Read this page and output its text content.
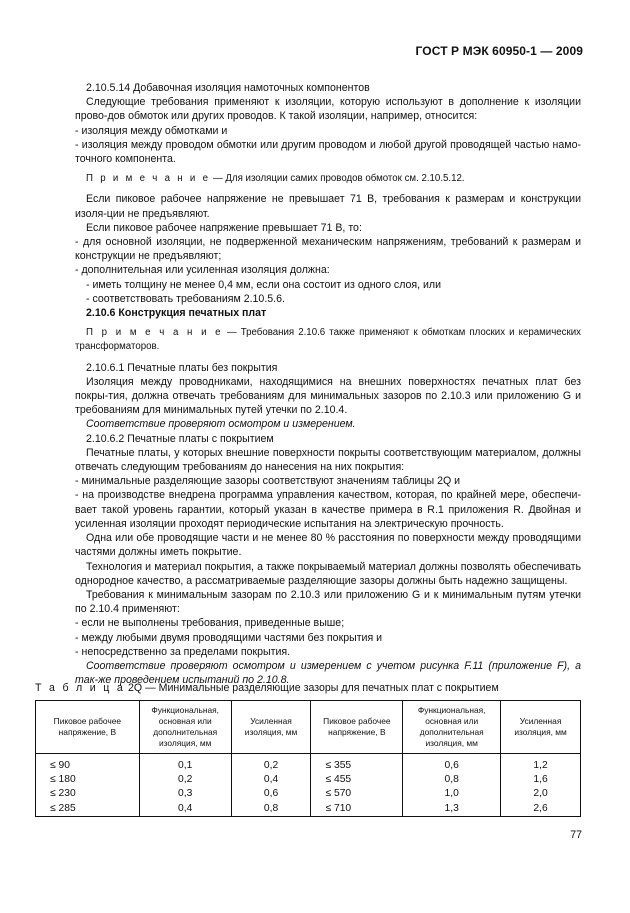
ГОСТ Р МЭК 60950-1 — 2009

2.10.5.14 Добавочная изоляция намоточных компонентов

Следующие требования применяют к изоляции, которую используют в дополнение к изоляции прово-дов обмоток или других проводов. К такой изоляции, например, относится:

- изоляция между обмотками и

- изоляция между проводом обмотки или другим проводом и любой другой проводящей частью намо-точного компонента.

П р и м е ч а н и е — Для изоляции самих проводов обмоток см. 2.10.5.12.

Если пиковое рабочее напряжение не превышает 71 В, требования к размерам и конструкции изоля-ции не предъявляют.

Если пиковое рабочее напряжение превышает 71 В, то:

- для основной изоляции, не подверженной механическим напряжениям, требований к размерам и конструкции не предъявляют;

- дополнительная или усиленная изоляция должна:

- иметь толщину не менее 0,4 мм, если она состоит из одного слоя, или

- соответствовать требованиям 2.10.5.6.

2.10.6 Конструкция печатных плат

П р и м е ч а н и е — Требования 2.10.6 также применяют к обмоткам плоских и керамических трансформаторов.

2.10.6.1 Печатные платы без покрытия

Изоляция между проводниками, находящимися на внешних поверхностях печатных плат без покры-тия, должна отвечать требованиям для минимальных зазоров по 2.10.3 или приложению G и требованиям для минимальных путей утечки по 2.10.4.

Соответствие проверяют осмотром и измерением.

2.10.6.2 Печатные платы с покрытием

Печатные платы, у которых внешние поверхности покрыты соответствующим материалом, должны отвечать следующим требованиям до нанесения на них покрытия:

- минимальные разделяющие зазоры соответствуют значениям таблицы 2Q и

- на производстве внедрена программа управления качеством, которая, по крайней мере, обеспечи-вает такой уровень гарантии, который указан в качестве примера в R.1 приложения R. Двойная и усиленная изоляции проходят периодические испытания на электрическую прочность.

Одна или обе проводящие части и не менее 80 % расстояния по поверхности между проводящими частями должны иметь покрытие.

Технология и материал покрытия, а также покрываемый материал должны позволять обеспечивать однородное качество, а рассматриваемые разделяющие зазоры должны быть надежно защищены.

Требования к минимальным зазорам по 2.10.3 или приложению G и к минимальным путям утечки по 2.10.4 применяют:

- если не выполнены требования, приведенные выше;

- между любыми двумя проводящими частями без покрытия и

- непосредственно за пределами покрытия.

Соответствие проверяют осмотром и измерением с учетом рисунка F.11 (приложение F), а так-же проведением испытаний по 2.10.8.

Т а б л и ц а 2Q — Минимальные разделяющие зазоры для печатных плат с покрытием
Пиковое рабочее напряжение, В	Функциональная, основная или дополнительная изоляция, мм	Усиленная изоляция, мм	Пиковое рабочее напряжение, В	Функциональная, основная или дополнительная изоляция, мм	Усиленная изоляция, мм
≤ 90	0,1	0,2	≤ 355	0,6	1,2
≤ 180	0,2	0,4	≤ 455	0,8	1,6
≤ 230	0,3	0,6	≤ 570	1,0	2,0
≤ 285	0,4	0,8	≤ 710	1,3	2,6
77
